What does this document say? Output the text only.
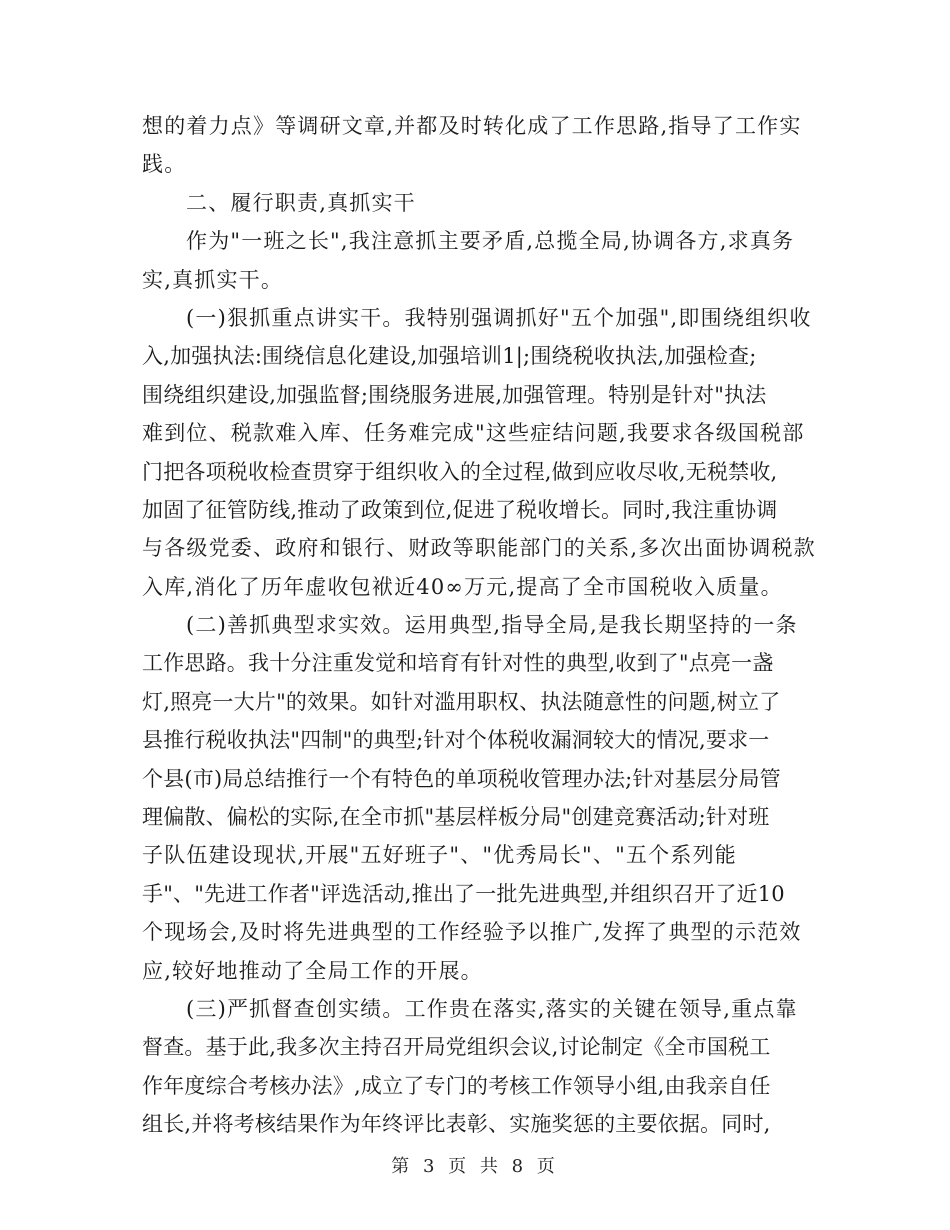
想的着力点》等调研文章,并都及时转化成了工作思路,指导了工作实
践。
二、履行职责,真抓实干
作为"一班之长",我注意抓主要矛盾,总揽全局,协调各方,求真务
实,真抓实干。
(一)狠抓重点讲实干。我特别强调抓好"五个加强",即围绕组织收
入,加强执法:围绕信息化建设,加强培训1|;围绕税收执法,加强检查;
围绕组织建设,加强监督;围绕服务进展,加强管理。特别是针对"执法
难到位、税款难入库、任务难完成"这些症结问题,我要求各级国税部
门把各项税收检查贯穿于组织收入的全过程,做到应收尽收,无税禁收,
加固了征管防线,推动了政策到位,促进了税收增长。同时,我注重协调
与各级党委、政府和银行、财政等职能部门的关系,多次出面协调税款
入库,消化了历年虚收包袱近40∞万元,提高了全市国税收入质量。
(二)善抓典型求实效。运用典型,指导全局,是我长期坚持的一条
工作思路。我十分注重发觉和培育有针对性的典型,收到了"点亮一盏
灯,照亮一大片"的效果。如针对滥用职权、执法随意性的问题,树立了
县推行税收执法"四制"的典型;针对个体税收漏洞较大的情况,要求一
个县(市)局总结推行一个有特色的单项税收管理办法;针对基层分局管
理偏散、偏松的实际,在全市抓"基层样板分局"创建竞赛活动;针对班
子队伍建设现状,开展"五好班子"、"优秀局长"、"五个系列能
手"、"先进工作者"评选活动,推出了一批先进典型,并组织召开了近10
个现场会,及时将先进典型的工作经验予以推广,发挥了典型的示范效
应,较好地推动了全局工作的开展。
(三)严抓督查创实绩。工作贵在落实,落实的关键在领导,重点靠
督查。基于此,我多次主持召开局党组织会议,讨论制定《全市国税工
作年度综合考核办法》,成立了专门的考核工作领导小组,由我亲自任
组长,并将考核结果作为年终评比表彰、实施奖惩的主要依据。同时,
第 3 页 共 8 页
